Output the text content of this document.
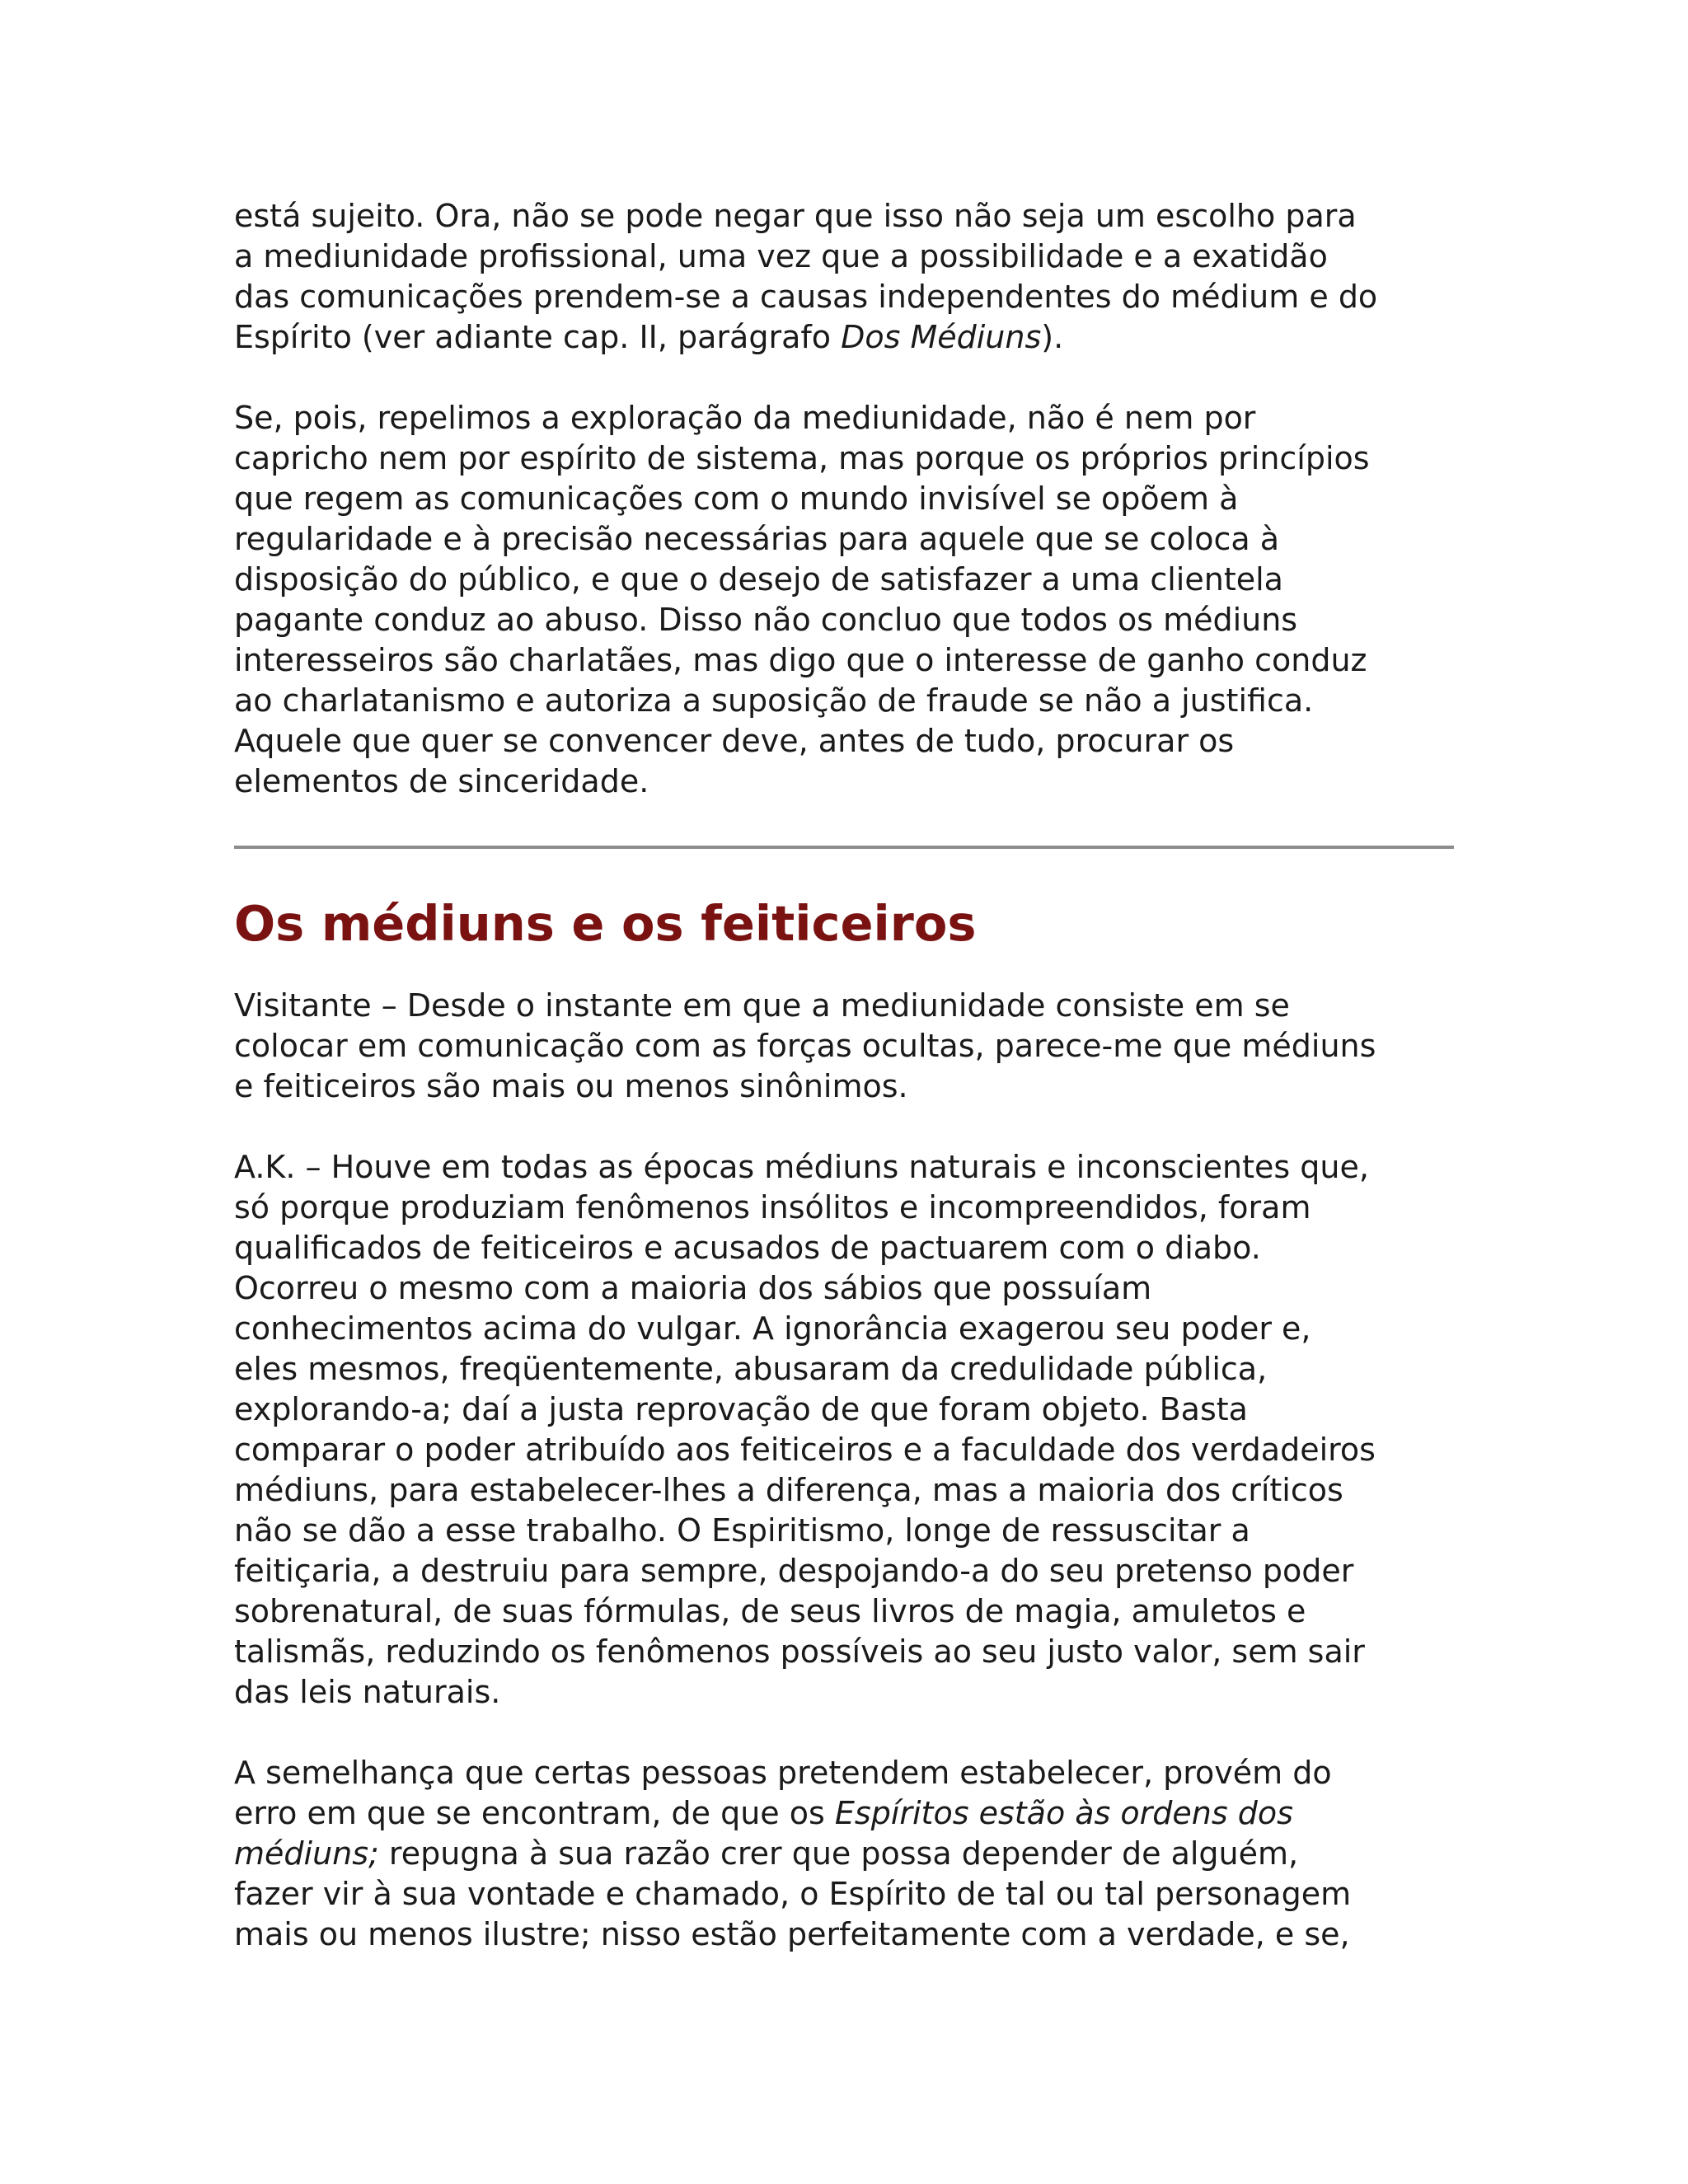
está sujeito. Ora, não se pode negar que isso não seja um escolho para
a mediunidade profissional, uma vez que a possibilidade e a exatidão
das comunicações prendem-se a causas independentes do médium e do
Espírito (ver adiante cap. II, parágrafo Dos Médiuns).

Se, pois, repelimos a exploração da mediunidade, não é nem por
capricho nem por espírito de sistema, mas porque os próprios princípios
que regem as comunicações com o mundo invisível se opõem à
regularidade e à precisão necessárias para aquele que se coloca à
disposição do público, e que o desejo de satisfazer a uma clientela
pagante conduz ao abuso. Disso não concluo que todos os médiuns
interesseiros são charlatães, mas digo que o interesse de ganho conduz
ao charlatanismo e autoriza a suposição de fraude se não a justifica.
Aquele que quer se convencer deve, antes de tudo, procurar os
elementos de sinceridade.

Os médiuns e os feiticeiros

Visitante – Desde o instante em que a mediunidade consiste em se
colocar em comunicação com as forças ocultas, parece-me que médiuns
e feiticeiros são mais ou menos sinônimos.

A.K. – Houve em todas as épocas médiuns naturais e inconscientes que,
só porque produziam fenômenos insólitos e incompreendidos, foram
qualificados de feiticeiros e acusados de pactuarem com o diabo.
Ocorreu o mesmo com a maioria dos sábios que possuíam
conhecimentos acima do vulgar. A ignorância exagerou seu poder e,
eles mesmos, freqüentemente, abusaram da credulidade pública,
explorando-a; daí a justa reprovação de que foram objeto. Basta
comparar o poder atribuído aos feiticeiros e a faculdade dos verdadeiros
médiuns, para estabelecer-lhes a diferença, mas a maioria dos críticos
não se dão a esse trabalho. O Espiritismo, longe de ressuscitar a
feitiçaria, a destruiu para sempre, despojando-a do seu pretenso poder
sobrenatural, de suas fórmulas, de seus livros de magia, amuletos e
talismãs, reduzindo os fenômenos possíveis ao seu justo valor, sem sair
das leis naturais.

A semelhança que certas pessoas pretendem estabelecer, provém do
erro em que se encontram, de que os Espíritos estão às ordens dos
médiuns; repugna à sua razão crer que possa depender de alguém,
fazer vir à sua vontade e chamado, o Espírito de tal ou tal personagem
mais ou menos ilustre; nisso estão perfeitamente com a verdade, e se,
